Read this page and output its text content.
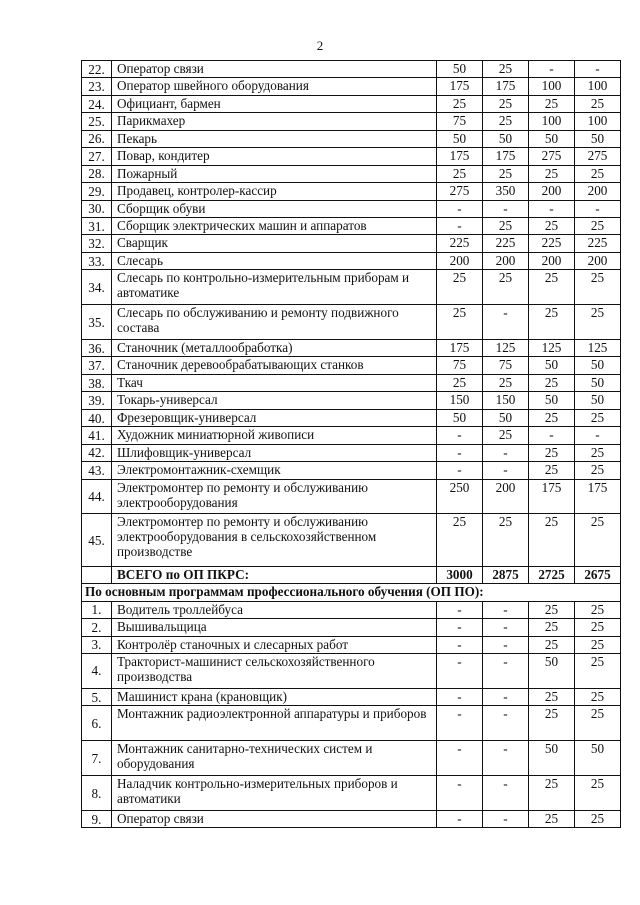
2
22.	Оператор связи	50	25	-	-
23.	Оператор швейного оборудования	175	175	100	100
24.	Официант, бармен	25	25	25	25
25.	Парикмахер	75	25	100	100
26.	Пекарь	50	50	50	50
27.	Повар, кондитер	175	175	275	275
28.	Пожарный	25	25	25	25
29.	Продавец, контролер-кассир	275	350	200	200
30.	Сборщик обуви	-	-	-	-
31.	Сборщик электрических машин и аппаратов	-	25	25	25
32.	Сварщик	225	225	225	225
33.	Слесарь	200	200	200	200
34.	Слесарь по контрольно-измерительным приборам и автоматике	25	25	25	25
35.	Слесарь по обслуживанию и ремонту подвижного состава	25	-	25	25
36.	Станочник (металлообработка)	175	125	125	125
37.	Станочник деревообрабатывающих станков	75	75	50	50
38.	Ткач	25	25	25	50
39.	Токарь-универсал	150	150	50	50
40.	Фрезеровщик-универсал	50	50	25	25
41.	Художник миниатюрной живописи	-	25	-	-
42.	Шлифовщик-универсал	-	-	25	25
43.	Электромонтажник-схемщик	-	-	25	25
44.	Электромонтер по ремонту и обслуживанию электрооборудования	250	200	175	175
45.	Электромонтер по ремонту и обслуживанию электрооборудования в сельскохозяйственном производстве	25	25	25	25
	ВСЕГО по ОП ПКРС:	3000	2875	2725	2675
По основным программам профессионального обучения (ОП ПО):					
1.	Водитель троллейбуса	-	-	25	25
2.	Вышивальщица	-	-	25	25
3.	Контролёр станочных и слесарных работ	-	-	25	25
4.	Тракторист-машинист сельскохозяйственного производства	-	-	50	25
5.	Машинист крана (крановщик)	-	-	25	25
6.	Монтажник радиоэлектронной аппаратуры и приборов	-	-	25	25
7.	Монтажник санитарно-технических систем и оборудования	-	-	50	50
8.	Наладчик контрольно-измерительных приборов и автоматики	-	-	25	25
9.	Оператор связи	-	-	25	25
